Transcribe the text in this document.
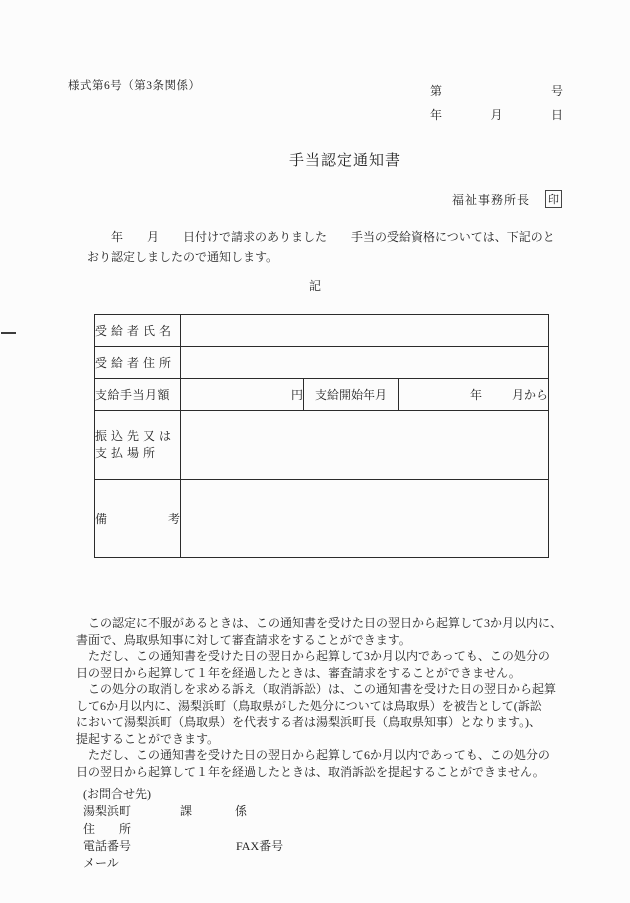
様式第6号（第3条関係）	第	号
年	月	日
手当認定通知書
福祉事務所長 印
　　年　　月　　日付けで請求のありました　　手当の受給資格については、下記のと
おり認定しましたので通知します。
記
受 給 者 氏 名			
受 給 者 住 所			
支給手当月額	円	支給開始年月	年 月から

振 込 先 又 は
支 払 場 所			

備 考			

　この認定に不服があるときは、この通知書を受けた日の翌日から起算して3か月以内に、
書面で、鳥取県知事に対して審査請求をすることができます。
　ただし、この通知書を受けた日の翌日から起算して3か月以内であっても、この処分の
日の翌日から起算して１年を経過したときは、審査請求をすることができません。
　この処分の取消しを求める訴え（取消訴訟）は、この通知書を受けた日の翌日から起算
して6か月以内に、湯梨浜町（鳥取県がした処分については鳥取県）を被告として(訴訟
において湯梨浜町（鳥取県）を代表する者は湯梨浜町長（鳥取県知事）となります。)、
提起することができます。
　ただし、この通知書を受けた日の翌日から起算して6か月以内であっても、この処分の
日の翌日から起算して１年を経過したときは、取消訴訟を提起することができません。
(お問合せ先)
湯梨浜町	課	係
住 所
電話番号	FAX番号
メール
